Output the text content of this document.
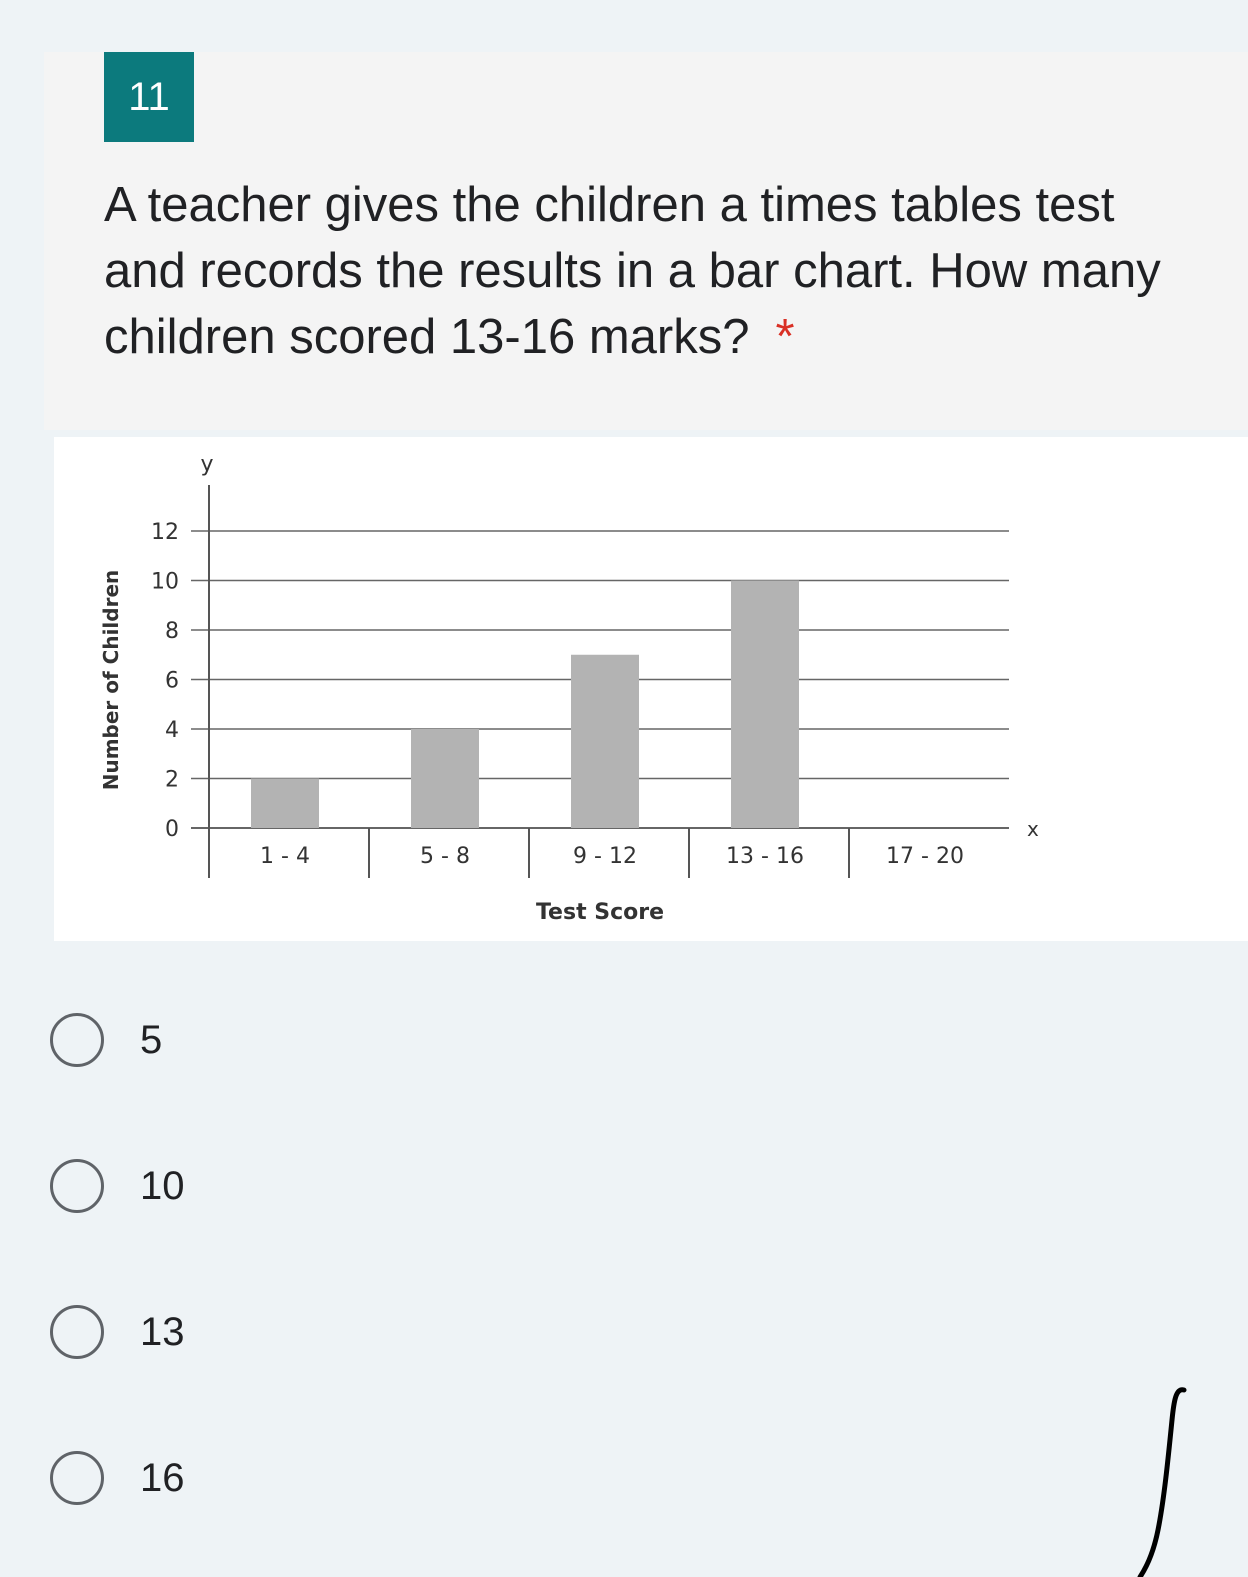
11
A teacher gives the children a times tables test and records the results in a bar chart. How many children scored 13-16 marks? *
0
2
4
6
8
10
12
y
x
1 - 4	5 - 8	9 - 12	13 - 16	17 - 20
Test Score
Number of Children
5
10
13
16
